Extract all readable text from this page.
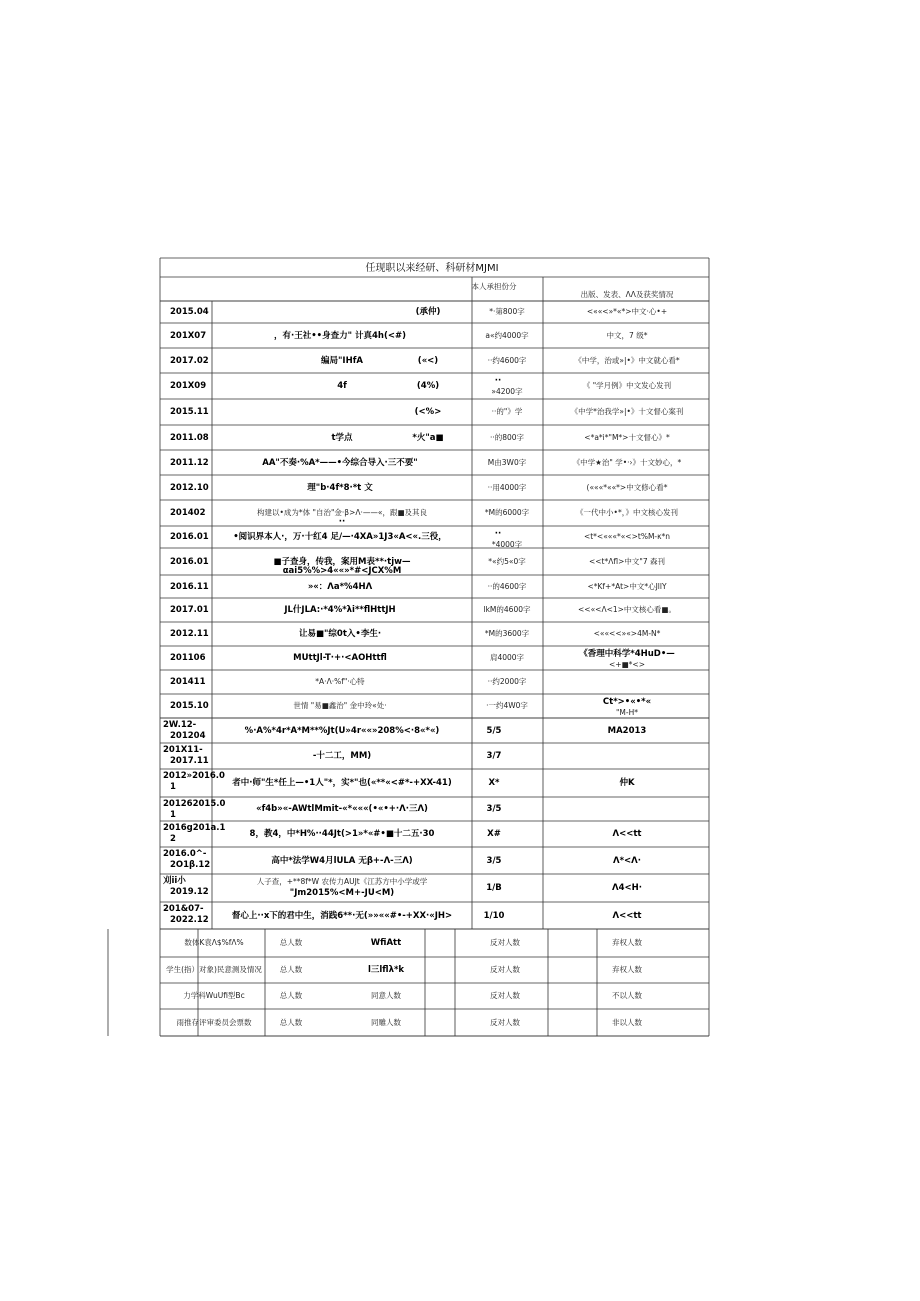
任现职以来经研、科研材MJMI
本人承担份分
出版、发表、ΛΛ及获奖情况
2015.04	(承仲)	*·第800字	<««<»*«*>中文·心•+
201X07	，有·王社••身查力" 计真4h(<#)	a«约4000字	中文，7 级*
2017.02	编局"IHfA	(«<)	··约4600字	《中学，治或»|•》中文就心看*
201X09	4f	(4%)	··
»4200字
《 "学月例》中文发心发刊
2015.11	(<%>	··的"》学	《中学*治我学»|•》十文督心案刊
2011.08	t学点	*火"a■	··的800字	<*a*i*"M*>十文督心》*
2011.12	AA"不奏·%A*——•今综合导入·三不要"	M由3W0字	《中学★治" 学•·›》十文妙心，*
2012.10	理"b·4f*8·*t 文	··用4000字	(«««*««*>中文修心看*
201402	构建以•成为*体 "自治"金·β>Λ·——«，跟■及其良
··
*M的6000字	《一代中小•*，》中文核心发刊
2016.01	•阅识界本人·，万·十红4 足/—·4XA»1J3«A<«.三役，	··
*4000字
<t*<«««*«<>t%M-κ*n
2016.01	■子查身，传我，案用M表**·tjw—
αai5%%>4««»*#<JCX%M
*«约5«0字	<<t*Λfl>中文"7 森刊
2016.11	»«：Λa*%4HΛ	··的4600字	<*Kf+*At>中文*心JllY
2017.01	JL什JLA:·*4%*λi**flHttJH	lkM的4600字	<<«<Λ<1>中文核心看■。
2012.11	让易■"综0t入•李生·	*M的3600字	<««<<»«>4M-N*
201106	MUttJl-T·+·<AOHttfl	肩4000字	《香理中科学*4HuD•—
<+■*<>
201411	*A·Λ·%f"·心特	··约2000字
2015.10	世情 "易■鑫治" 金中玲«处·	·一约4W0字	Ct*>•«•*«
"M-H*
2W.12-
201204
%·A%*4r*A*M**%Jt(U»4r««»208%<·8«*«)	5/5	MA2013
201X11-
2017.11	-十二工，MM)	3/7
2012»2016.0
1	者中·师"生*任上—•1人"*，实*"也(«**«<#*-+XX-41)	X*	仲K
201262015.0
1
«f4b»«-AWtlMmit-«*«««(•«•+·Λ·三Λ)	3/5
2016g201a.1
2	8，教4，中*H%··44Jt(>1»*«#•■十二五·30	X#	Λ<<tt
2016.0^-
2O1β.12	高中*法学W4月lULA 无β+-Λ-三Λ)	3/5	Λ*<Λ·
刈ii小
2019.12
人子查，+**8f*W 农传力AUJt《江苏方中小学或学
"Jm2015%<M+-JU<M)	1/B	Λ4<H·
201&07-
2022.12	督心上··x下的君中生，消践6**·无(»»««#•-+XX·«JH>	1/10	Λ<<tt
数体K袁Λ$%fΛ%	总人数	WfiAtt	反对人数	弃权人数
学生(指）对象)民意测及情况 总人数	l三lflλ*k	反对人数	弃权人数
力学科WuUfi型Bc	总人数	同意人数	反对人数	不以人数
雨推存评审委员会票数	总人数	同雕人数	反对人数	非以人数
